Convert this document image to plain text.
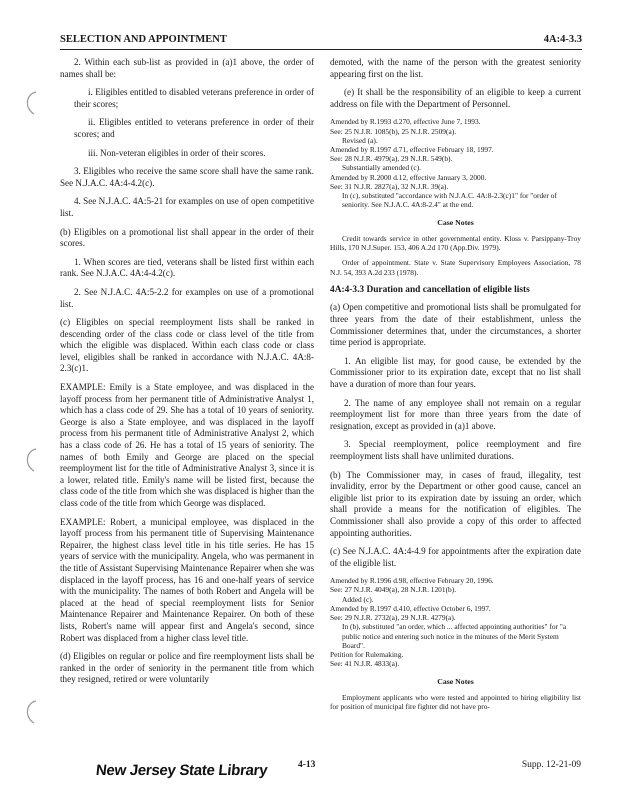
SELECTION AND APPOINTMENT	4A:4-3.3

2. Within each sub-list as provided in (a)1 above, the order of names shall be:

i. Eligibles entitled to disabled veterans preference in order of their scores;

ii. Eligibles entitled to veterans preference in order of their scores; and

iii. Non-veteran eligibles in order of their scores.

3. Eligibles who receive the same score shall have the same rank. See N.J.A.C. 4A:4-4.2(c).

4. See N.J.A.C. 4A:5-21 for examples on use of open competitive list.

(b) Eligibles on a promotional list shall appear in the order of their scores.

1. When scores are tied, veterans shall be listed first within each rank. See N.J.A.C. 4A:4-4.2(c).

2. See N.J.A.C. 4A:5-2.2 for examples on use of a promotional list.

(c) Eligibles on special reemployment lists shall be ranked in descending order of the class code or class level of the title from which the eligible was displaced. Within each class code or class level, eligibles shall be ranked in accordance with N.J.A.C. 4A:8-2.3(c)1.

EXAMPLE: Emily is a State employee, and was displaced in the layoff process from her permanent title of Administrative Analyst 1, which has a class code of 29. She has a total of 10 years of seniority. George is also a State employee, and was displaced in the layoff process from his permanent title of Administrative Analyst 2, which has a class code of 26. He has a total of 15 years of seniority. The names of both Emily and George are placed on the special reemployment list for the title of Administrative Analyst 3, since it is a lower, related title. Emily's name will be listed first, because the class code of the title from which she was displaced is higher than the class code of the title from which George was displaced.

EXAMPLE: Robert, a municipal employee, was displaced in the layoff process from his permanent title of Supervising Maintenance Repairer, the highest class level title in his title series. He has 15 years of service with the municipality. Angela, who was permanent in the title of Assistant Supervising Maintenance Repairer when she was displaced in the layoff process, has 16 and one-half years of service with the municipality. The names of both Robert and Angela will be placed at the head of special reemployment lists for Senior Maintenance Repairer and Maintenance Repairer. On both of these lists, Robert's name will appear first and Angela's second, since Robert was displaced from a higher class level title.

(d) Eligibles on regular or police and fire reemployment lists shall be ranked in the order of seniority in the permanent title from which they resigned, retired or were voluntarily

demoted, with the name of the person with the greatest seniority appearing first on the list.

(e) It shall be the responsibility of an eligible to keep a current address on file with the Department of Personnel.

Amended by R.1993 d.270, effective June 7, 1993.
See: 25 N.J.R. 1085(b), 25 N.J.R. 2509(a).
Revised (a).
Amended by R.1997 d.71, effective February 18, 1997.
See: 28 N.J.R. 4979(a), 29 N.J.R. 549(b).
Substantially amended (c).
Amended by R.2000 d.12, effective January 3, 2000.
See: 31 N.J.R. 2827(a), 32 N.J.R. 39(a).
In (c), substituted "accordance with N.J.A.C. 4A:8-2.3(c)1" for "order of seniority. See N.J.A.C. 4A:8-2.4" at the end.
Case Notes

Credit towards service in other governmental entity. Kloss v. Parsippany-Troy Hills, 170 N.J.Super. 153, 406 A.2d 170 (App.Div. 1979).

Order of appointment. State v. State Supervisory Employees Association, 78 N.J. 54, 393 A.2d 233 (1978).

4A:4-3.3 Duration and cancellation of eligible lists

(a) Open competitive and promotional lists shall be promulgated for three years from the date of their establishment, unless the Commissioner determines that, under the circumstances, a shorter time period is appropriate.

1. An eligible list may, for good cause, be extended by the Commissioner prior to its expiration date, except that no list shall have a duration of more than four years.

2. The name of any employee shall not remain on a regular reemployment list for more than three years from the date of resignation, except as provided in (a)1 above.

3. Special reemployment, police reemployment and fire reemployment lists shall have unlimited durations.

(b) The Commissioner may, in cases of fraud, illegality, test invalidity, error by the Department or other good cause, cancel an eligible list prior to its expiration date by issuing an order, which shall provide a means for the notification of eligibles. The Commissioner shall also provide a copy of this order to affected appointing authorities.

(c) See N.J.A.C. 4A:4-4.9 for appointments after the expiration date of the eligible list.

Amended by R.1996 d.98, effective February 20, 1996.
See: 27 N.J.R. 4049(a), 28 N.J.R. 1201(b).
Added (c).
Amended by R.1997 d.410, effective October 6, 1997.
See: 29 N.J.R. 2732(a), 29 N.J.R. 4279(a).
In (b), substituted "an order, which ... affected appointing authorities" for "a public notice and entering such notice in the minutes of the Merit System Board".
Petition for Rulemaking.
See: 41 N.J.R. 4833(a).
Case Notes

Employment applicants who were tested and appointed to hiring eligibility list for position of municipal fire fighter did not have pro-

New Jersey State Library	4-13	Supp. 12-21-09
